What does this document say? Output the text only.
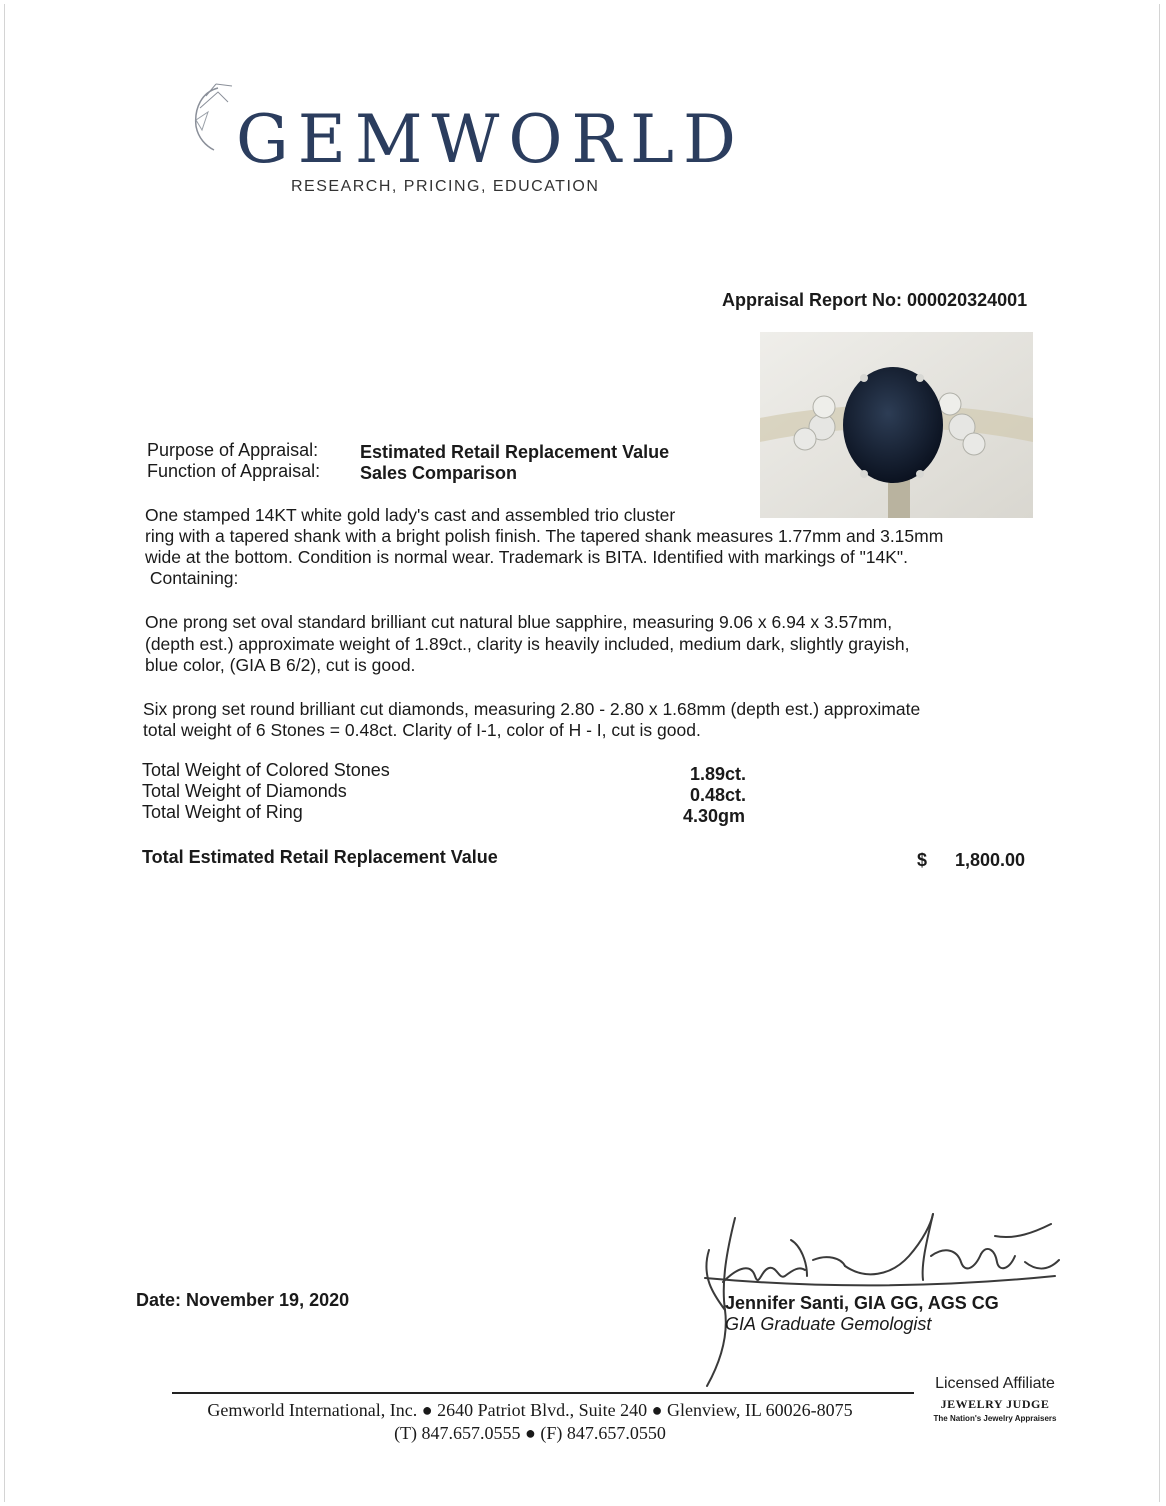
GEMWORLD
RESEARCH, PRICING, EDUCATION
Appraisal Report No: 000020324001
Purpose of Appraisal: Estimated Retail Replacement Value
Function of Appraisal: Sales Comparison
One stamped 14KT white gold lady's cast and assembled trio cluster
ring with a tapered shank with a bright polish finish. The tapered shank measures 1.77mm and 3.15mm
wide at the bottom. Condition is normal wear. Trademark is BITA. Identified with markings of "14K".
Containing:
One prong set oval standard brilliant cut natural blue sapphire, measuring 9.06 x 6.94 x 3.57mm,
(depth est.) approximate weight of 1.89ct., clarity is heavily included, medium dark, slightly grayish,
blue color, (GIA B 6/2), cut is good.
Six prong set round brilliant cut diamonds, measuring 2.80 - 2.80 x 1.68mm (depth est.) approximate
total weight of 6 Stones = 0.48ct. Clarity of I-1, color of H - I, cut is good.
Total Weight of Colored Stones	1.89ct.
Total Weight of Diamonds	0.48ct.
Total Weight of Ring	4.30gm
Total Estimated Retail Replacement Value	$ 1,800.00
Date: November 19, 2020	Jennifer Santi, GIA GG, AGS CG
GIA Graduate Gemologist
Gemworld International, Inc. ● 2640 Patriot Blvd., Suite 240 ● Glenview, IL 60026-8075
(T) 847.657.0555 ● (F) 847.657.0550
Licensed Affiliate
JEWELRY JUDGE
The Nation's Jewelry Appraisers
